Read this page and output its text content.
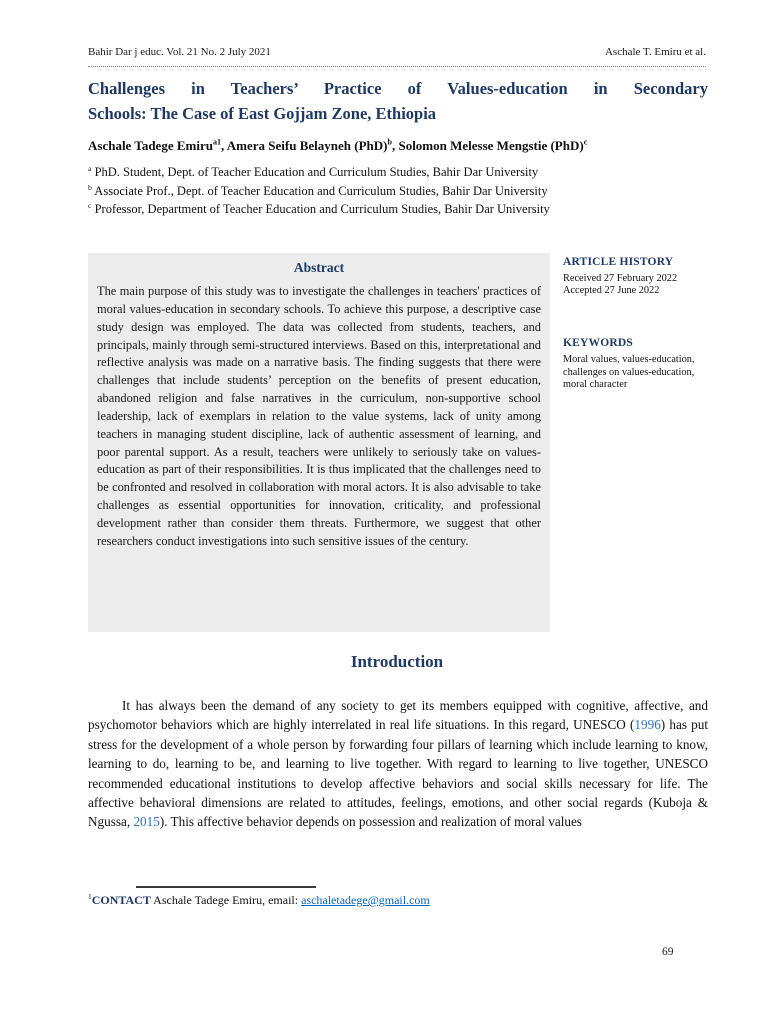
Bahir Dar j educ. Vol. 21 No. 2 July 2021	Aschale T. Emiru et al.
Challenges in Teachers’ Practice of Values-education in Secondary
Schools: The Case of East Gojjam Zone, Ethiopia
Aschale Tadege Emiru$^{a1}$, Amera Seifu Belayneh (PhD)$^b$, Solomon Melesse Mengstie (PhD)$^c$
$^a$ PhD. Student, Dept. of Teacher Education and Curriculum Studies, Bahir Dar University
$^b$ Associate Prof., Dept. of Teacher Education and Curriculum Studies, Bahir Dar University
$^c$ Professor, Department of Teacher Education and Curriculum Studies, Bahir Dar University
Abstract
The main purpose of this study was to investigate the challenges in teachers' practices of moral values-education in secondary schools. To achieve this purpose, a descriptive case study design was employed. The data was collected from students, teachers, and principals, mainly through semi-structured interviews. Based on this, interpretational and reflective analysis was made on a narrative basis. The finding suggests that there were challenges that include students’ perception on the benefits of present education, abandoned religion and false narratives in the curriculum, non-supportive school leadership, lack of exemplars in relation to the value systems, lack of unity among teachers in managing student discipline, lack of authentic assessment of learning, and poor parental support. As a result, teachers were unlikely to seriously take on values-education as part of their responsibilities. It is thus implicated that the challenges need to be confronted and resolved in collaboration with moral actors. It is also advisable to take challenges as essential opportunities for innovation, criticality, and professional development rather than consider them threats. Furthermore, we suggest that other researchers conduct investigations into such sensitive issues of the century.
ARTICLE HISTORY
Received 27 February 2022
Accepted 27 June 2022
KEYWORDS
Moral values, values-education, challenges on values-education, moral character
Introduction
It has always been the demand of any society to get its members equipped with cognitive, affective, and psychomotor behaviors which are highly interrelated in real life situations. In this regard, UNESCO (1996) has put stress for the development of a whole person by forwarding four pillars of learning which include learning to know, learning to do, learning to be, and learning to live together. With regard to learning to live together, UNESCO recommended educational institutions to develop affective behaviors and social skills necessary for life. The affective behavioral dimensions are related to attitudes, feelings, emotions, and other social regards (Kuboja & Ngussa, 2015). This affective behavior depends on possession and realization of moral values
$^1$CONTACT Aschale Tadege Emiru, email: aschaletadege@gmail.com
69
